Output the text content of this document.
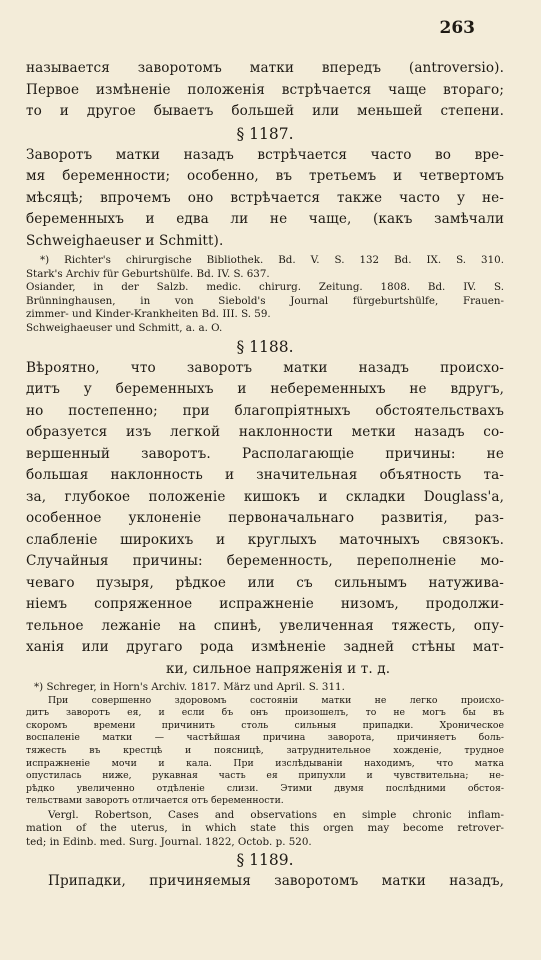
263
называется заворотомъ матки впередъ (antroversio).
Первое измѣненіе положенія встрѣчается чаще втораго;
то и другое бываетъ большей или меньшей степени.
§ 1187.
Заворотъ матки назадъ встрѣчается часто во вре-
мя беременности; особенно, въ третьемъ и четвертомъ
мѣсяцѣ; впрочемъ оно встрѣчается также часто у не-
беременныхъ и едва ли не чаще, (какъ замѣчали
Schweighaeuser и Schmitt).
*) Richter's chirurgische Bibliothek. Bd. V. S. 132 Bd. IX. S. 310.
Stark's Archiv für Geburtshülfe. Bd. IV. S. 637.
Osiander, in der Salzb. medic. chirurg. Zeitung. 1808. Bd. IV. S.
Brünninghausen, in von Siebold's Journal fürgeburtshülfe, Frauen-
zimmer- und Kinder-Krankheiten Bd. III. S. 59.
Schweighaeuser und Schmitt, a. a. O.
§ 1188.
Вѣроятно, что заворотъ матки назадъ происхо-
дитъ у беременныхъ и небеременныхъ не вдругъ,
но постепенно; при благопріятныхъ обстоятельствахъ
образуется изъ легкой наклонности метки назадъ со-
вершенный заворотъ. Располагающіе причины: не
большая наклонность и значительная объятность та-
за, глубокое положеніе кишокъ и складки Douglass'а,
особенное уклоненіе первоначальнаго развитія, раз-
слабленіе широкихъ и круглыхъ маточныхъ связокъ.
Случайныя причины: беременность, переполненіе мо-
чеваго пузыря, рѣдкое или съ сильнымъ натужива-
ніемъ сопряженное испражненіе низомъ, продолжи-
тельное лежаніе на спинѣ, увеличенная тяжесть, опу-
ханія или другаго рода измѣненіе задней стѣны мат-
ки, сильное напряженія и т. д.
*) Schreger, in Horn's Archiv. 1817. März und April. S. 311.
При совершенно здоровомъ состояніи матки не легко происхо-
дитъ заворотъ ея, и если бъ онъ произошелъ, то не могъ бы въ
скоромъ времени причинить столь сильныя припадки. Хроническое
воспаленіе матки — частѣйшая причина заворота, причиняетъ боль-
тяжесть въ крестцѣ и поясницѣ, затруднительное хожденіе, трудное
испражненіе мочи и кала. При изслѣдываніи находимъ, что матка
опустилась ниже, рукавная часть ея припухли и чувствительна; не-
рѣдко увеличенно отдѣленіе слизи. Этими двумя послѣдними обстоя-
тельствами заворотъ отличается отъ беременности.
Vergl. Robertson, Cases and observations en simple chronic inflam-
mation of the uterus, in which state this orgen may become retrover-
ted; in Edinb. med. Surg. Journal. 1822, Octob. p. 520.
§ 1189.
Припадки, причиняемыя заворотомъ матки назадъ,
